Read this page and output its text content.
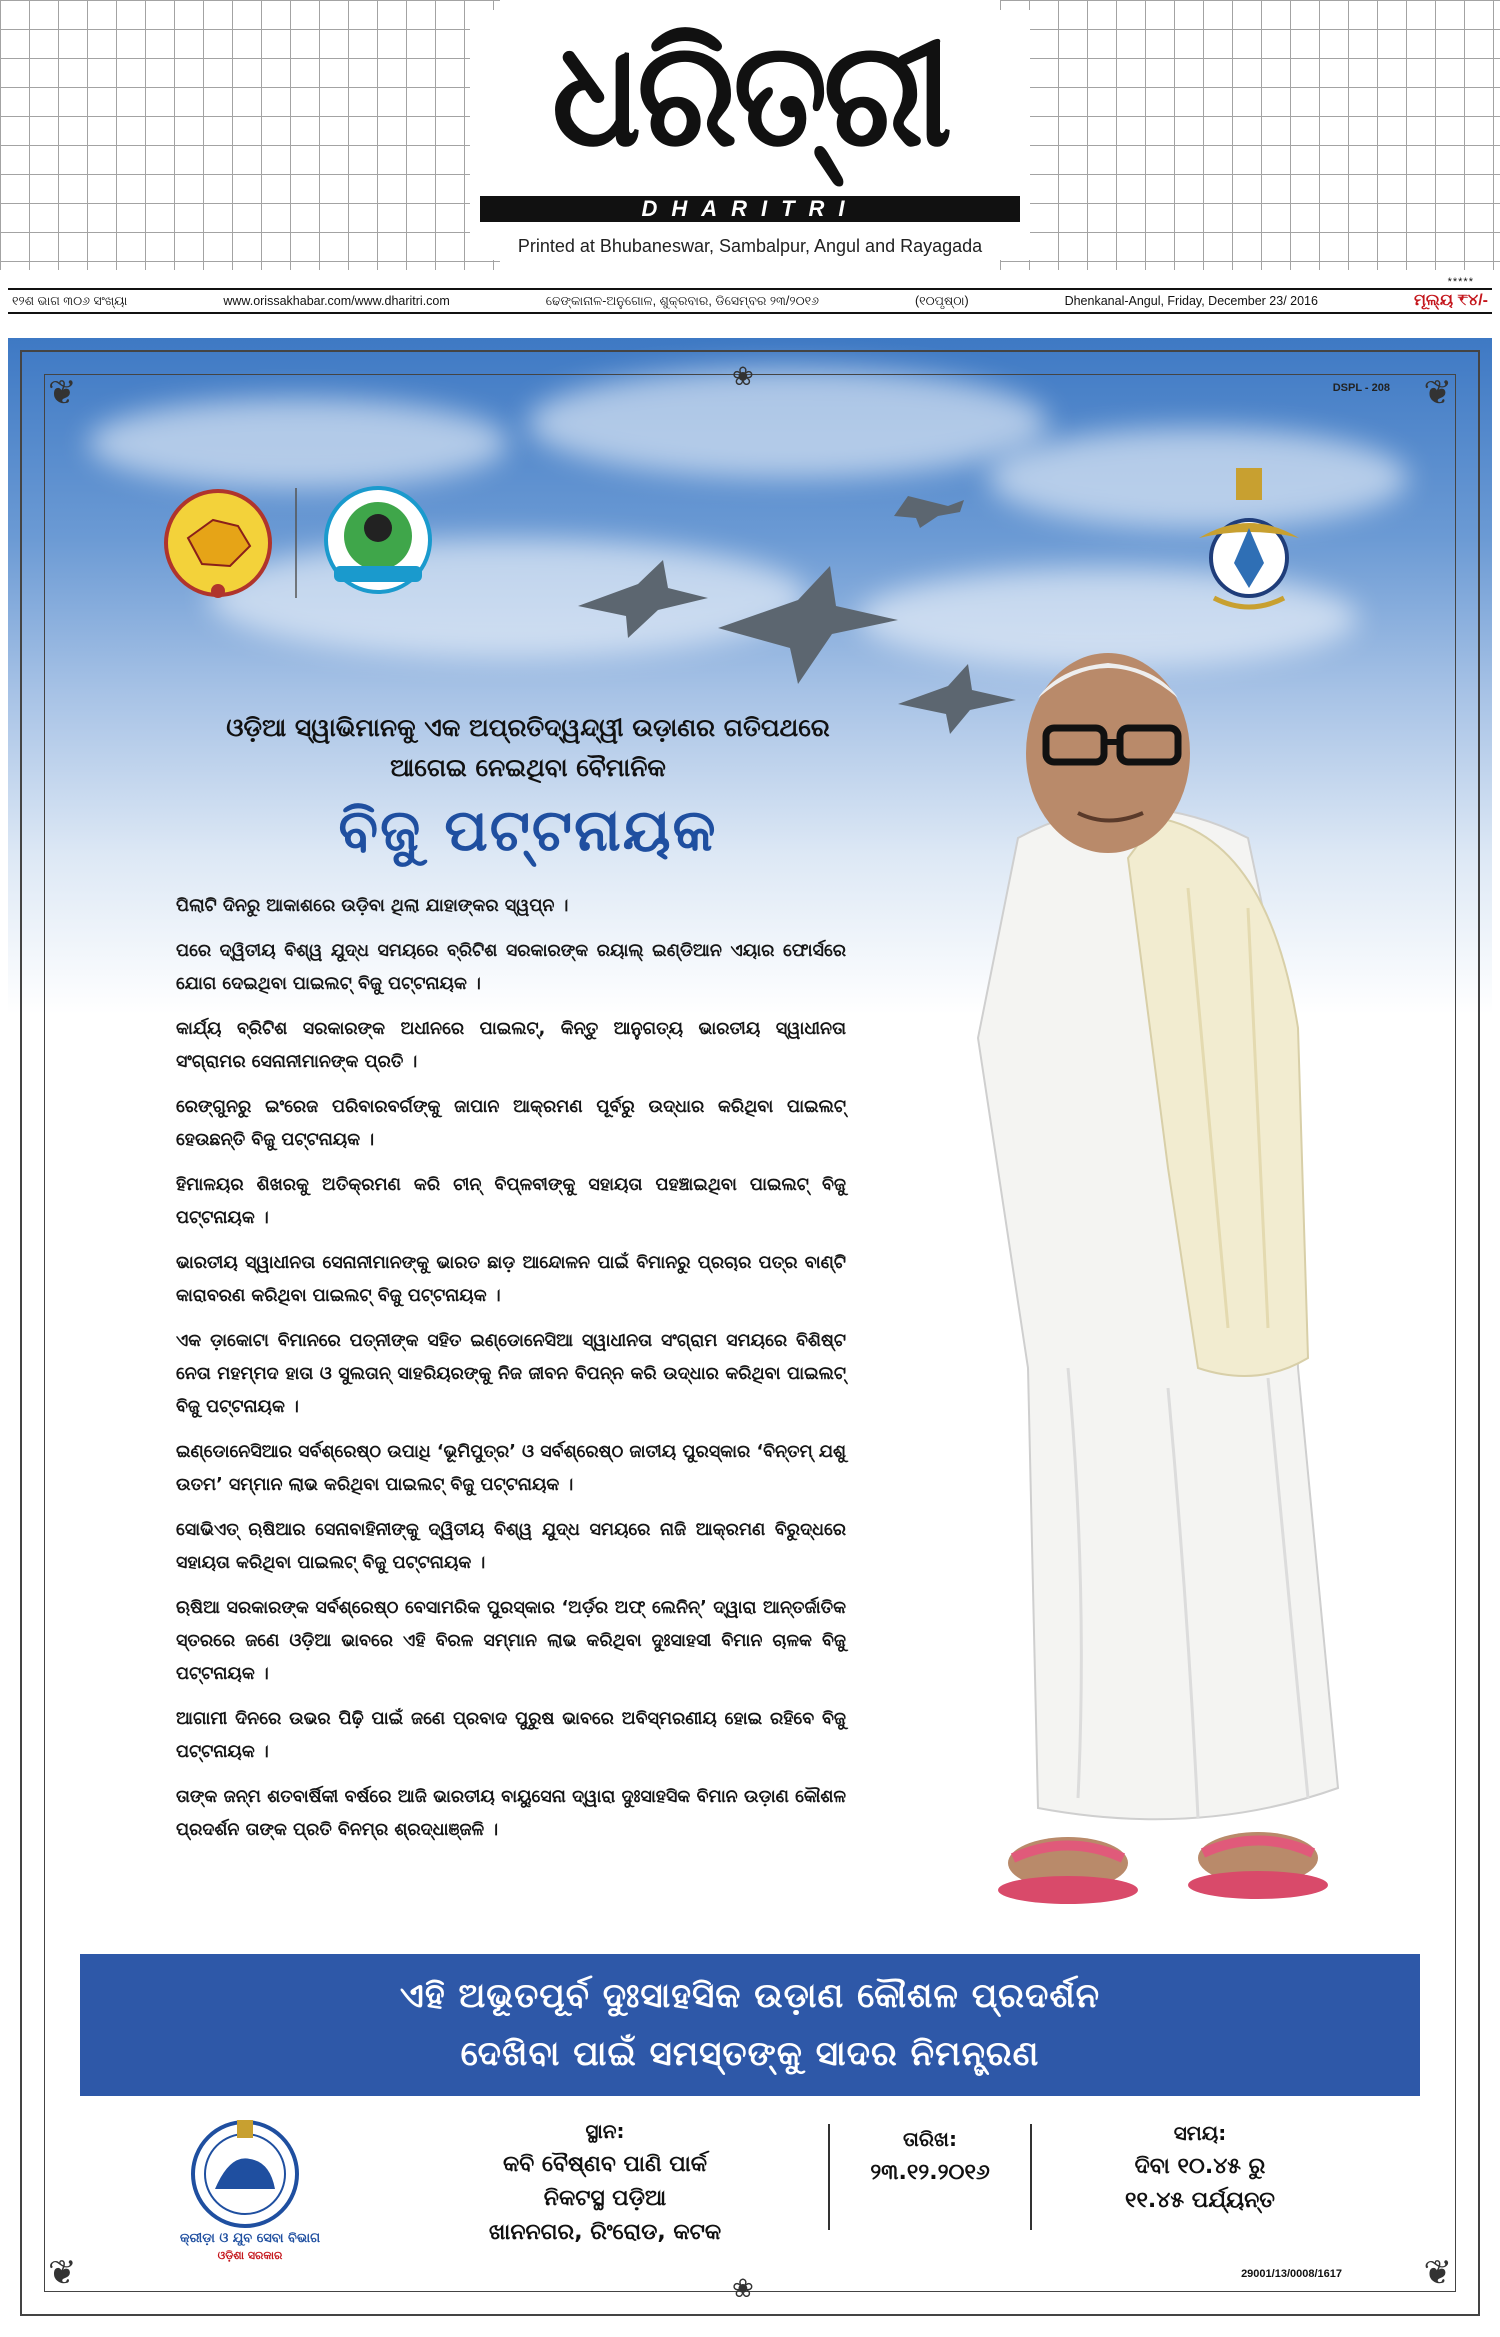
ଧରିତ୍ରୀ
DHARITRI
Printed at Bhubaneswar, Sambalpur, Angul and Rayagada
*****
୧୨ଶ ଭାଗ ୩୦୬ ସଂଖ୍ୟା	www.orissakhabar.com/www.dharitri.com	ଢେଙ୍କାନାଳ-ଅନୁଗୋଳ, ଶୁକ୍ରବାର, ଡିସେମ୍ବର ୨୩/୨୦୧୬	(୧୦ପୃଷ୍ଠା)	Dhenkanal-Angul, Friday, December 23/ 2016	ମୂଲ୍ୟ ₹୪/-
❦	❦
❦	❦
❀
❀
DSPL - 208
ଓଡ଼ିଆ ସ୍ୱାଭିମାନକୁ ଏକ ଅପ୍ରତିଦ୍ୱନ୍ଦ୍ୱୀ ଉଡ଼ାଣର ଗତିପଥରେ
ଆଗେଇ ନେଇଥିବା ବୈମାନିକ
ବିଜୁ ପଟ୍ଟନାୟକ

ପିଲାଟି ଦିନରୁ ଆକାଶରେ ଉଡ଼ିବା ଥିଲା ଯାହାଙ୍କର ସ୍ୱପ୍ନ ।

ପରେ ଦ୍ୱିତୀୟ ବିଶ୍ୱ ଯୁଦ୍ଧ ସମୟରେ ବ୍ରିଟିଶ ସରକାରଙ୍କ ରୟାଲ୍ ଇଣ୍ଡିଆନ ଏୟାର ଫୋର୍ସରେ ଯୋଗ ଦେଇଥିବା ପାଇଲଟ୍ ବିଜୁ ପଟ୍ଟନାୟକ ।

କାର୍ଯ୍ୟ ବ୍ରିଟିଶ ସରକାରଙ୍କ ଅଧୀନରେ ପାଇଲଟ୍, କିନ୍ତୁ ଆନୁଗତ୍ୟ ଭାରତୀୟ ସ୍ୱାଧୀନତା ସଂଗ୍ରାମର ସେନାନୀମାନଙ୍କ ପ୍ରତି ।

ରେଙ୍ଗୁନରୁ ଇଂରେଜ ପରିବାରବର୍ଗଙ୍କୁ ଜାପାନ ଆକ୍ରମଣ ପୂର୍ବରୁ ଉଦ୍ଧାର କରିଥିବା ପାଇଲଟ୍ ହେଉଛନ୍ତି ବିଜୁ ପଟ୍ଟନାୟକ ।

ହିମାଳୟର ଶିଖରକୁ ଅତିକ୍ରମଣ କରି ଚୀନ୍ ବିପ୍ଳବୀଙ୍କୁ ସହାୟତା ପହଞ୍ଚାଇଥିବା ପାଇଲଟ୍ ବିଜୁ ପଟ୍ଟନାୟକ ।

ଭାରତୀୟ ସ୍ୱାଧୀନତା ସେନାନୀମାନଙ୍କୁ ଭାରତ ଛାଡ଼ ଆନ୍ଦୋଳନ ପାଇଁ ବିମାନରୁ ପ୍ରଚାର ପତ୍ର ବାଣ୍ଟି କାରାବରଣ କରିଥିବା ପାଇଲଟ୍ ବିଜୁ ପଟ୍ଟନାୟକ ।

ଏକ ଡ଼ାକୋଟା ବିମାନରେ ପତ୍ନୀଙ୍କ ସହିତ ଇଣ୍ଡୋନେସିଆ ସ୍ୱାଧୀନତା ସଂଗ୍ରାମ ସମୟରେ ବିଶିଷ୍ଟ ନେତା ମହମ୍ମଦ ହାତା ଓ ସୁଲତାନ୍ ସାହରିୟରଙ୍କୁ ନିଜ ଜୀବନ ବିପନ୍ନ କରି ଉଦ୍ଧାର କରିଥିବା ପାଇଲଟ୍ ବିଜୁ ପଟ୍ଟନାୟକ ।

ଇଣ୍ଡୋନେସିଆର ସର୍ବଶ୍ରେଷ୍ଠ ଉପାଧି ‘ଭୂମିପୁତ୍ର’ ଓ ସର୍ବଶ୍ରେଷ୍ଠ ଜାତୀୟ ପୁରସ୍କାର ‘ବିନ୍ତମ୍ ଯଶୁ ଉତମ’ ସମ୍ମାନ ଲାଭ କରିଥିବା ପାଇଲଟ୍ ବିଜୁ ପଟ୍ଟନାୟକ ।

ସୋଭିଏତ୍ ଋଷିଆର ସେନାବାହିନୀଙ୍କୁ ଦ୍ୱିତୀୟ ବିଶ୍ୱ ଯୁଦ୍ଧ ସମୟରେ ନାଜି ଆକ୍ରମଣ ବିରୁଦ୍ଧରେ ସହାୟତା କରିଥିବା ପାଇଲଟ୍ ବିଜୁ ପଟ୍ଟନାୟକ ।

ଋଷିଆ ସରକାରଙ୍କ ସର୍ବଶ୍ରେଷ୍ଠ ବେସାମରିକ ପୁରସ୍କାର ‘ଅର୍ଡ଼ର ଅଫ୍ ଲେନିନ୍’ ଦ୍ୱାରା ଆନ୍ତର୍ଜାତିକ ସ୍ତରରେ ଜଣେ ଓଡ଼ିଆ ଭାବରେ ଏହି ବିରଳ ସମ୍ମାନ ଲାଭ କରିଥିବା ଦୁଃସାହସୀ ବିମାନ ଚାଳକ ବିଜୁ ପଟ୍ଟନାୟକ ।

ଆଗାମୀ ଦିନରେ ଉଭର ପିଢ଼ି ପାଇଁ ଜଣେ ପ୍ରବାଦ ପୁରୁଷ ଭାବରେ ଅବିସ୍ମରଣୀୟ ହୋଇ ରହିବେ ବିଜୁ ପଟ୍ଟନାୟକ ।

ତାଙ୍କ ଜନ୍ମ ଶତବାର୍ଷିକୀ ବର୍ଷରେ ଆଜି ଭାରତୀୟ ବାୟୁସେନା ଦ୍ୱାରା ଦୁଃସାହସିକ ବିମାନ ଉଡ଼ାଣ କୌଶଳ ପ୍ରଦର୍ଶନ ତାଙ୍କ ପ୍ରତି ବିନମ୍ର ଶ୍ରଦ୍ଧାଞ୍ଜଳି ।

ଏହି ଅଭୂତପୂର୍ବ ଦୁଃସାହସିକ ଉଡ଼ାଣ କୌଶଳ ପ୍ରଦର୍ଶନ
ଦେଖିବା ପାଇଁ ସମସ୍ତଙ୍କୁ ସାଦର ନିମନ୍ତ୍ରଣ
କ୍ରୀଡ଼ା ଓ ଯୁବ ସେବା ବିଭାଗ
ଓଡ଼ିଶା ସରକାର
ସ୍ଥାନ:
କବି ବୈଷ୍ଣବ ପାଣି ପାର୍କ
ନିକଟସ୍ଥ ପଡ଼ିଆ
ଖାନନଗର, ରିଂରୋଡ, କଟକ
ତାରିଖ:
୨୩.୧୨.୨୦୧୬
ସମୟ:
ଦିବା ୧୦.୪୫ ରୁ
୧୧.୪୫ ପର୍ଯ୍ୟନ୍ତ
29001/13/0008/1617
